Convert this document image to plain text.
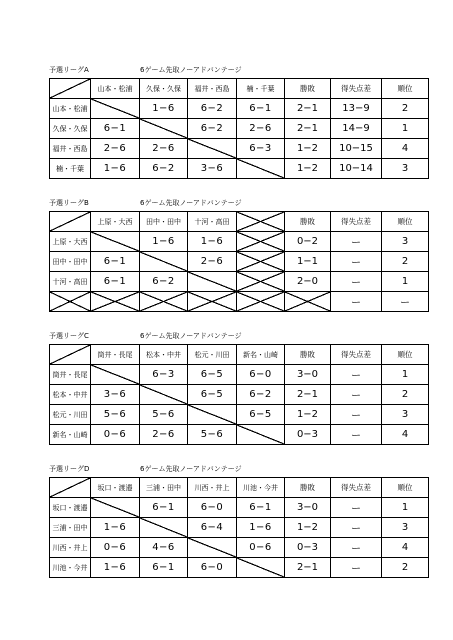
予選リーグA	6ゲーム先取ノーアドバンテージ
	山本・松浦	久保・久保	福井・西島	楠・千葉	勝敗	得失点差	順位
山本・松浦		1−6	6−2	6−1	2−1	13−9	2
久保・久保	6−1		6−2	2−6	2−1	14−9	1
福井・西島	2−6	2−6		6−3	1−2	10−15	4
楠・千葉	1−6	6−2	3−6		1−2	10−14	3
予選リーグB	6ゲーム先取ノーアドバンテージ
	上原・大西	田中・田中	十河・高田		勝敗	得失点差	順位
上原・大西		1−6	1−6		0−2	ー	3
田中・田中	6−1		2−6		1−1	ー	2
十河・高田	6−1	6−2			2−0	ー	1
						ー	ー
予選リーグC	6ゲーム先取ノーアドバンテージ
	筒井・長尾	松本・中井	松元・川田	新名・山崎	勝敗	得失点差	順位
筒井・長尾		6−3	6−5	6−0	3−0	ー	1
松本・中井	3−6		6−5	6−2	2−1	ー	2
松元・川田	5−6	5−6		6−5	1−2	ー	3
新名・山崎	0−6	2−6	5−6		0−3	ー	4
予選リーグD	6ゲーム先取ノーアドバンテージ
	坂口・渡邉	三浦・田中	川西・井上	川池・今井	勝敗	得失点差	順位
坂口・渡邉		6−1	6−0	6−1	3−0	ー	1
三浦・田中	1−6		6−4	1−6	1−2	ー	3
川西・井上	0−6	4−6		0−6	0−3	ー	4
川池・今井	1−6	6−1	6−0		2−1	ー	2
